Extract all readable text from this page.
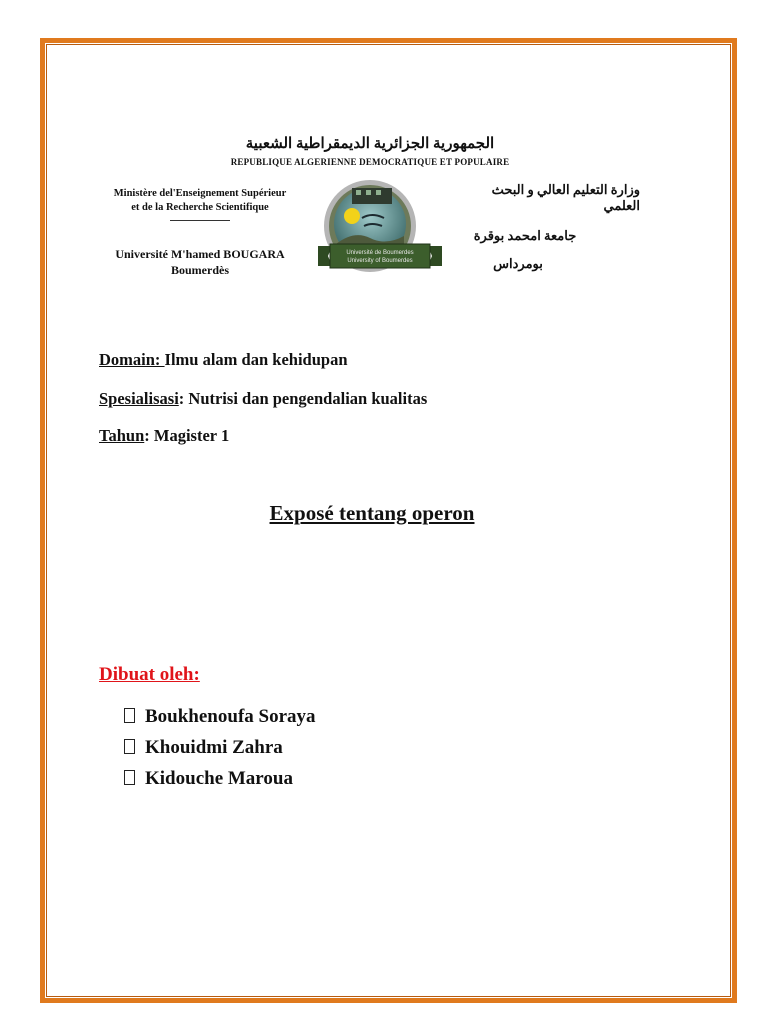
الجمهورية الجزائرية الديمقراطية الشعبية
REPUBLIQUE ALGERIENNE DEMOCRATIQUE ET POPULAIRE
Ministère del'Enseignement Supérieur
et de la Recherche Scientifique
Université M'hamed BOUGARA
Boumerdès
Université de Boumerdes
University of Boumerdes
وزارة التعليم العالي و البحث العلمي
جامعة امحمد بوقرة
بومرداس
Domain: Ilmu alam dan kehidupan
Spesialisasi: Nutrisi dan pengendalian kualitas
Tahun: Magister 1
Exposé tentang operon
Dibuat oleh:
Boukhenoufa Soraya
Khouidmi Zahra
Kidouche Maroua
